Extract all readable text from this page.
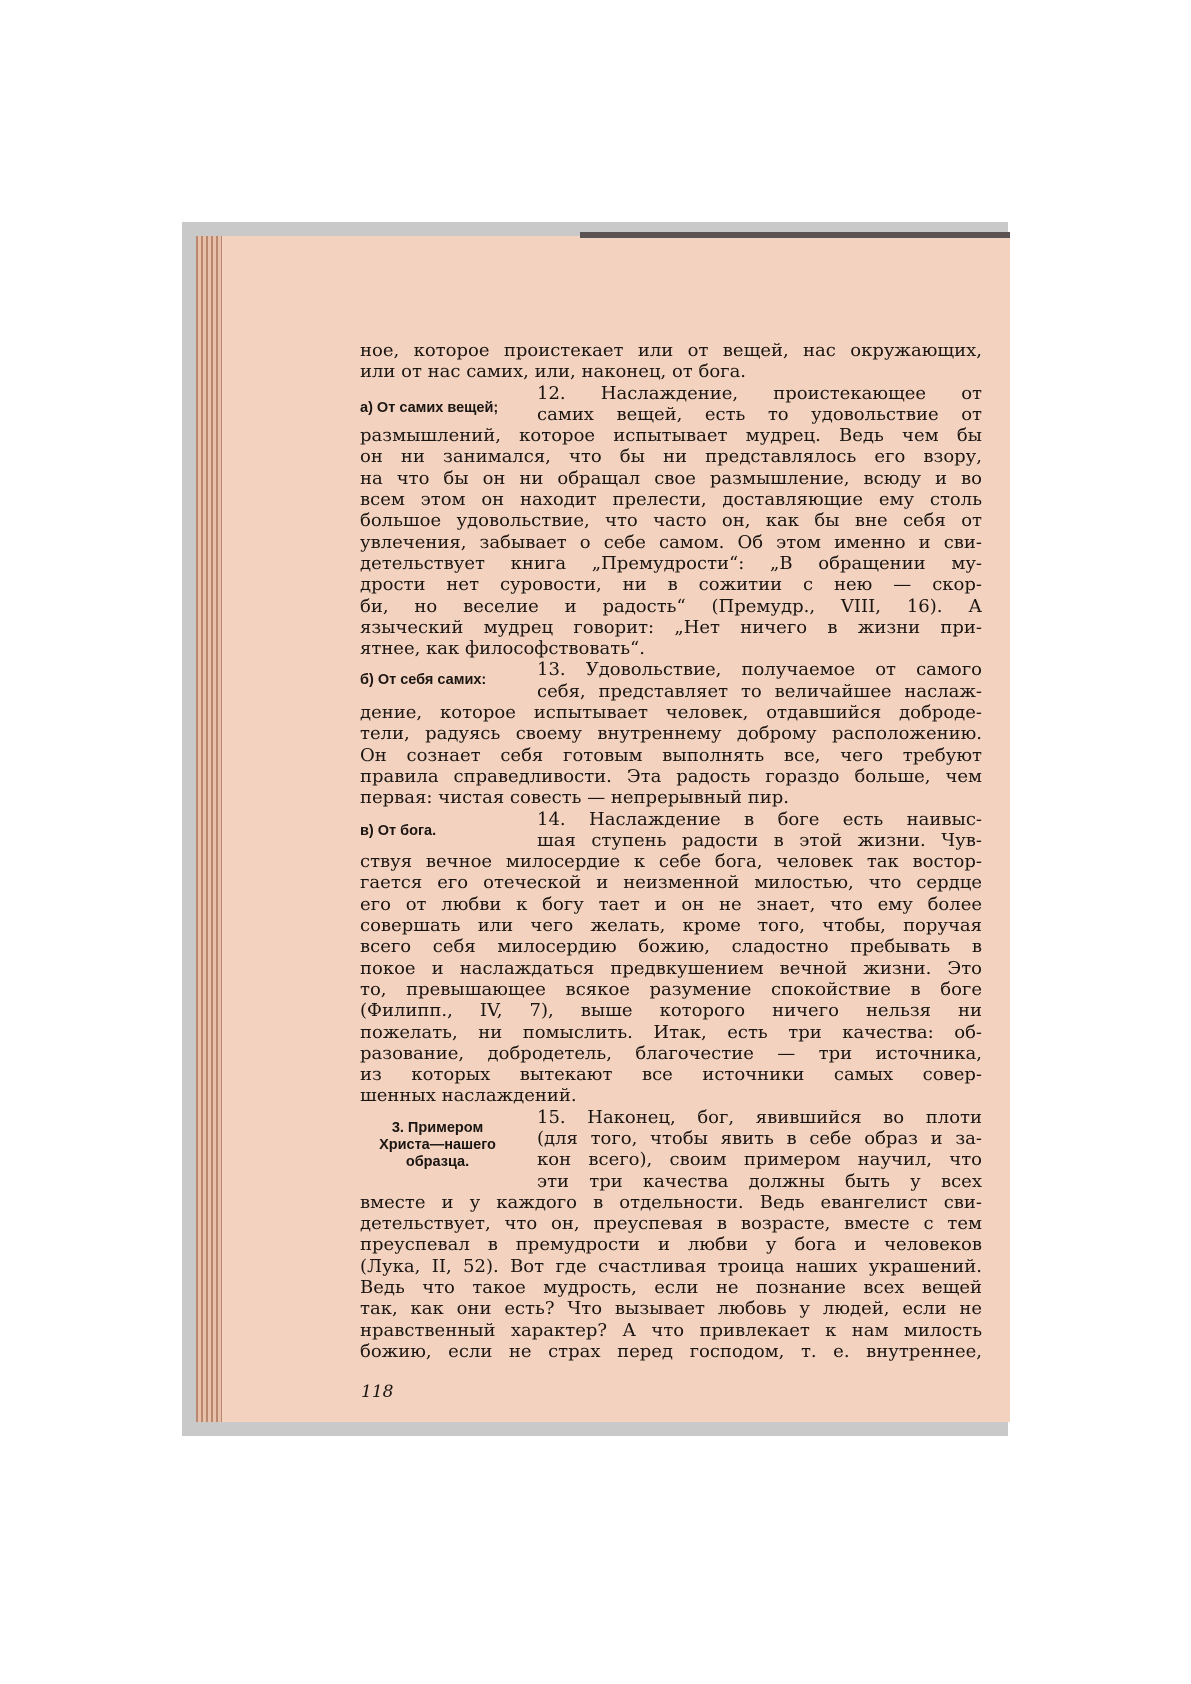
ное, которое проистекает или от вещей, нас окружающих,
или от нас самих, или, наконец, от бога.
а) От самих вещей;
12. Наслаждение, проистекающее от
самих вещей, есть то удовольствие от
размышлений, которое испытывает мудрец. Ведь чем бы
он ни занимался, что бы ни представлялось его взору,
на что бы он ни обращал свое размышление, всюду и во
всем этом он находит прелести, доставляющие ему столь
большое удовольствие, что часто он, как бы вне себя от
увлечения, забывает о себе самом. Об этом именно и сви-
детельствует книга „Премудрости“: „В обращении му-
дрости нет суровости, ни в сожитии с нею — скор-
би, но веселие и радость“ (Премудр., VIII, 16). А
языческий мудрец говорит: „Нет ничего в жизни при-
ятнее, как философствовать“.
б) От себя самих:	13. Удовольствие, получаемое от самого
себя, представляет то величайшее наслаж-
дение, которое испытывает человек, отдавшийся доброде-
тели, радуясь своему внутреннему доброму расположению.
Он сознает себя готовым выполнять все, чего требуют
правила справедливости. Эта радость гораздо больше, чем
первая: чистая совесть — непрерывный пир.
в) От бога.
14. Наслаждение в боге есть наивыс-
шая ступень радости в этой жизни. Чув-
ствуя вечное милосердие к себе бога, человек так востор-
гается его отеческой и неизменной милостью, что сердце
его от любви к богу тает и он не знает, что ему более
совершать или чего желать, кроме того, чтобы, поручая
всего себя милосердию божию, сладостно пребывать в
покое и наслаждаться предвкушением вечной жизни. Это
то, превышающее всякое разумение спокойствие в боге
(Филипп., IV, 7), выше которого ничего нельзя ни
пожелать, ни помыслить. Итак, есть три качества: об-
разование, добродетель, благочестие — три источника,
из которых вытекают все источники самых совер-
шенных наслаждений.
3. Примером
Христа—нашего
образца.
15. Наконец, бог, явившийся во плоти
(для того, чтобы явить в себе образ и за-
кон всего), своим примером научил, что
эти три качества должны быть у всех
вместе и у каждого в отдельности. Ведь евангелист сви-
детельствует, что он, преуспевая в возрасте, вместе с тем
преуспевал в премудрости и любви у бога и человеков
(Лука, II, 52). Вот где счастливая троица наших украшений.
Ведь что такое мудрость, если не познание всех вещей
так, как они есть? Что вызывает любовь у людей, если не
нравственный характер? А что привлекает к нам милость
божию, если не страх перед господом, т. е. внутреннее,
118
